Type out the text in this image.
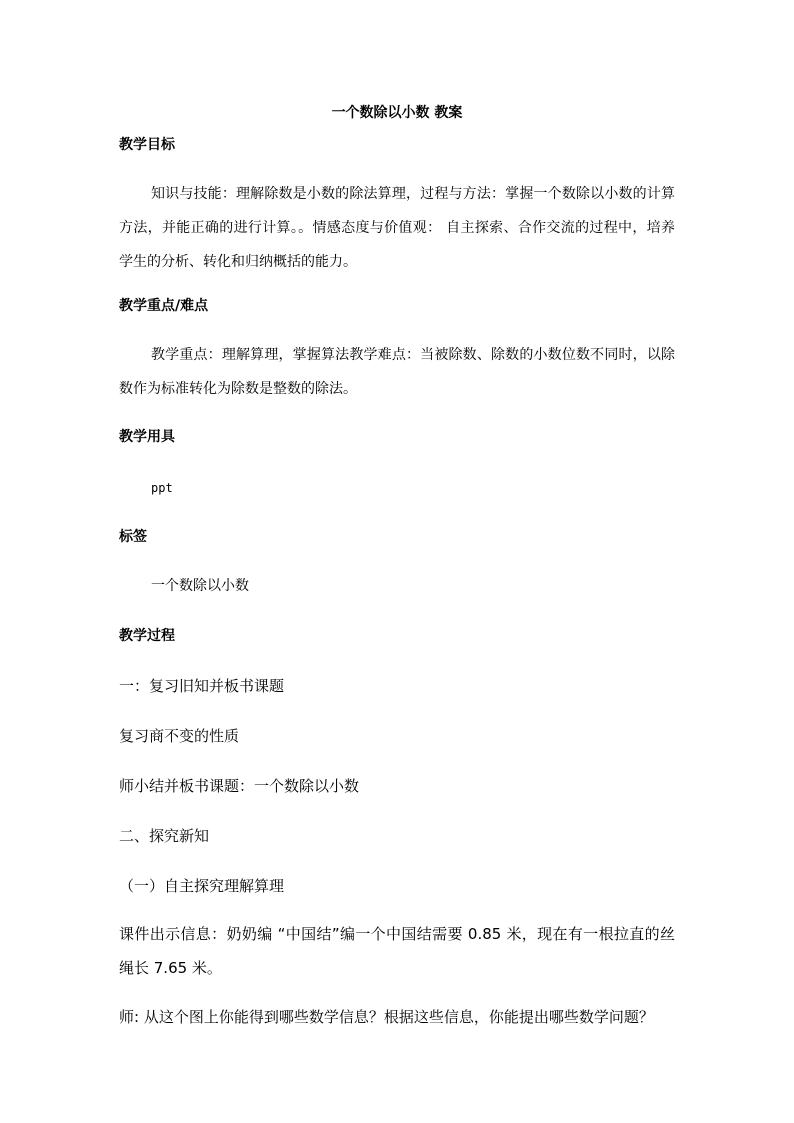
一个数除以小数 教案
教学目标
知识与技能：理解除数是小数的除法算理，过程与方法：掌握一个数除以小数的计算方法，并能正确的进行计算。。情感态度与价值观： 自主探索、合作交流的过程中，培养学生的分析、转化和归纳概括的能力。
教学重点/难点
教学重点：理解算理，掌握算法教学难点：当被除数、除数的小数位数不同时，以除数作为标准转化为除数是整数的除法。
教学用具
ppt
标签
一个数除以小数
教学过程
一：复习旧知并板书课题
复习商不变的性质
师小结并板书课题：一个数除以小数
二、探究新知
（一）自主探究理解算理
课件出示信息：奶奶编 “中国结”编一个中国结需要 0.85 米，现在有一根拉直的丝绳长 7.65 米。
师: 从这个图上你能得到哪些数学信息？根据这些信息，你能提出哪些数学问题？
